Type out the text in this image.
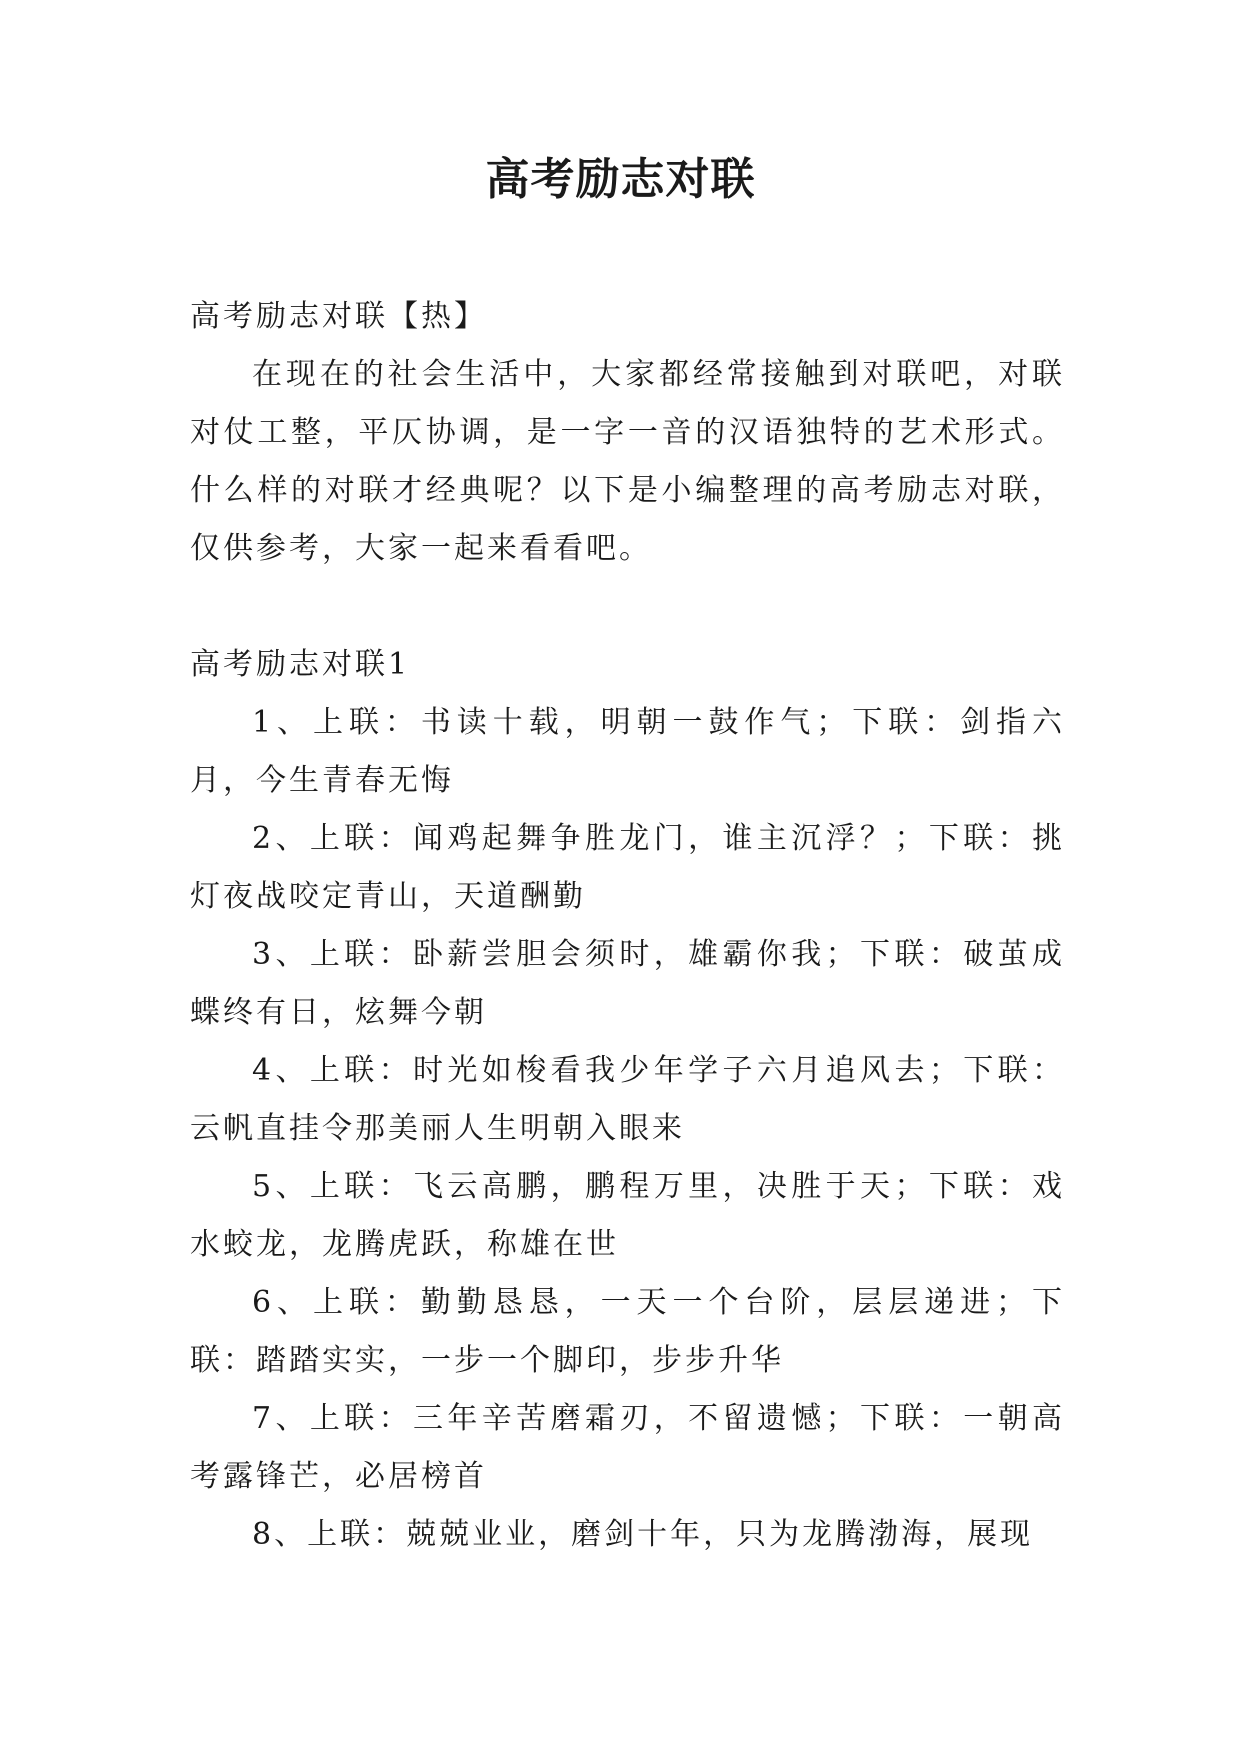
高考励志对联

高考励志对联【热】

在现在的社会生活中，大家都经常接触到对联吧，对联对仗工整，平仄协调，是一字一音的汉语独特的艺术形式。什么样的对联才经典呢？以下是小编整理的高考励志对联，仅供参考，大家一起来看看吧。

高考励志对联1

1、上联：书读十载，明朝一鼓作气；下联：剑指六月，今生青春无悔

2、上联：闻鸡起舞争胜龙门，谁主沉浮？；下联：挑灯夜战咬定青山，天道酬勤

3、上联：卧薪尝胆会须时，雄霸你我；下联：破茧成蝶终有日，炫舞今朝

4、上联：时光如梭看我少年学子六月追风去；下联：云帆直挂令那美丽人生明朝入眼来

5、上联：飞云高鹏，鹏程万里，决胜于天；下联：戏水蛟龙，龙腾虎跃，称雄在世

6、上联：勤勤恳恳，一天一个台阶，层层递进；下联：踏踏实实，一步一个脚印，步步升华

7、上联：三年辛苦磨霜刃，不留遗憾；下联：一朝高考露锋芒，必居榜首

8、上联：兢兢业业，磨剑十年，只为龙腾渤海，展现
